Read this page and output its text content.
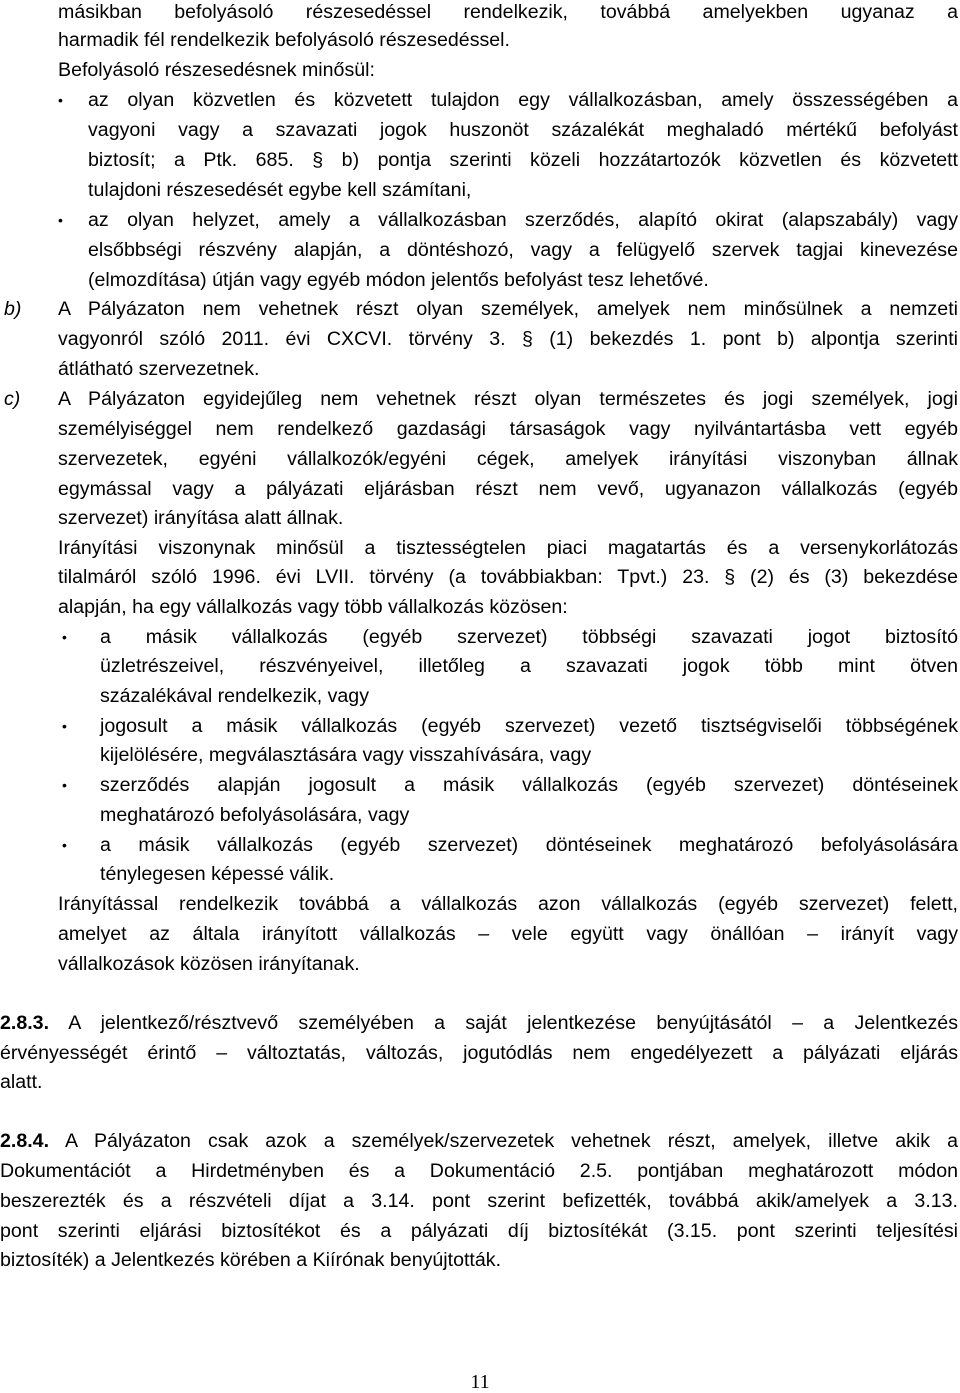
másikban befolyásoló részesedéssel rendelkezik, továbbá amelyekben ugyanaz a
harmadik fél rendelkezik befolyásoló részesedéssel.
Befolyásoló részesedésnek minősül:
• az olyan közvetlen és közvetett tulajdon egy vállalkozásban, amely összességében a
vagyoni vagy a szavazati jogok huszonöt százalékát meghaladó mértékű befolyást
biztosít; a Ptk. 685. § b) pontja szerinti közeli hozzátartozók közvetlen és közvetett
tulajdoni részesedését egybe kell számítani,
• az olyan helyzet, amely a vállalkozásban szerződés, alapító okirat (alapszabály) vagy
elsőbbségi részvény alapján, a döntéshozó, vagy a felügyelő szervek tagjai kinevezése
(elmozdítása) útján vagy egyéb módon jelentős befolyást tesz lehetővé.
b) A Pályázaton nem vehetnek részt olyan személyek, amelyek nem minősülnek a nemzeti
vagyonról szóló 2011. évi CXCVI. törvény 3. § (1) bekezdés 1. pont b) alpontja szerinti
átlátható szervezetnek.
c) A Pályázaton egyidejűleg nem vehetnek részt olyan természetes és jogi személyek, jogi
személyiséggel nem rendelkező gazdasági társaságok vagy nyilvántartásba vett egyéb
szervezetek, egyéni vállalkozók/egyéni cégek, amelyek irányítási viszonyban állnak
egymással vagy a pályázati eljárásban részt nem vevő, ugyanazon vállalkozás (egyéb
szervezet) irányítása alatt állnak.
Irányítási viszonynak minősül a tisztességtelen piaci magatartás és a versenykorlátozás
tilalmáról szóló 1996. évi LVII. törvény (a továbbiakban: Tpvt.) 23. § (2) és (3) bekezdése
alapján, ha egy vállalkozás vagy több vállalkozás közösen:
• a másik vállalkozás (egyéb szervezet) többségi szavazati jogot biztosító
üzletrészeivel, részvényeivel, illetőleg a szavazati jogok több mint ötven
százalékával rendelkezik, vagy
• jogosult a másik vállalkozás (egyéb szervezet) vezető tisztségviselői többségének
kijelölésére, megválasztására vagy visszahívására, vagy
• szerződés alapján jogosult a másik vállalkozás (egyéb szervezet) döntéseinek
meghatározó befolyásolására, vagy
• a másik vállalkozás (egyéb szervezet) döntéseinek meghatározó befolyásolására
ténylegesen képessé válik.
Irányítással rendelkezik továbbá a vállalkozás azon vállalkozás (egyéb szervezet) felett,
amelyet az általa irányított vállalkozás – vele együtt vagy önállóan – irányít vagy
vállalkozások közösen irányítanak.
2.8.3. A jelentkező/résztvevő személyében a saját jelentkezése benyújtásától – a Jelentkezés
érvényességét érintő – változtatás, változás, jogutódlás nem engedélyezett a pályázati eljárás
alatt.
2.8.4. A Pályázaton csak azok a személyek/szervezetek vehetnek részt, amelyek, illetve akik a
Dokumentációt a Hirdetményben és a Dokumentáció 2.5. pontjában meghatározott módon
beszerezték és a részvételi díjat a 3.14. pont szerint befizették, továbbá akik/amelyek a 3.13.
pont szerinti eljárási biztosítékot és a pályázati díj biztosítékát (3.15. pont szerinti teljesítési
biztosíték) a Jelentkezés körében a Kiírónak benyújtották.
11
